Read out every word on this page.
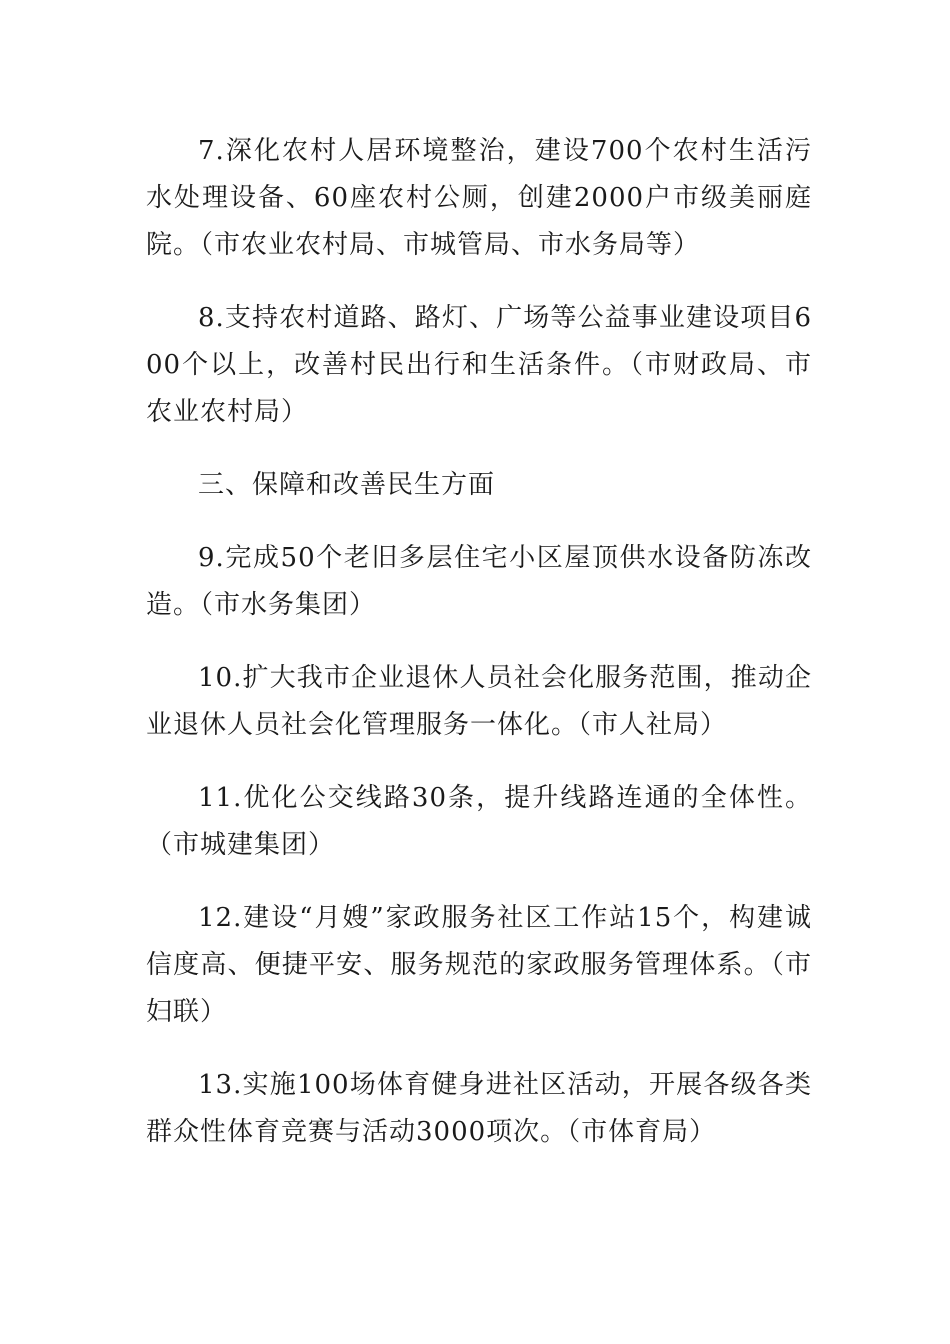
7.深化农村人居环境整治，建设700个农村生活污水处理设备、60座农村公厕，创建2000户市级美丽庭院。（市农业农村局、市城管局、市水务局等）

8.支持农村道路、路灯、广场等公益事业建设项目600个以上，改善村民出行和生活条件。（市财政局、市农业农村局）

三、保障和改善民生方面

9.完成50个老旧多层住宅小区屋顶供水设备防冻改造。（市水务集团）

10.扩大我市企业退休人员社会化服务范围，推动企业退休人员社会化管理服务一体化。（市人社局）

11.优化公交线路30条，提升线路连通的全体性。（市城建集团）

12.建设“月嫂”家政服务社区工作站15个，构建诚信度高、便捷平安、服务规范的家政服务管理体系。（市妇联）

13.实施100场体育健身进社区活动，开展各级各类群众性体育竞赛与活动3000项次。（市体育局）
